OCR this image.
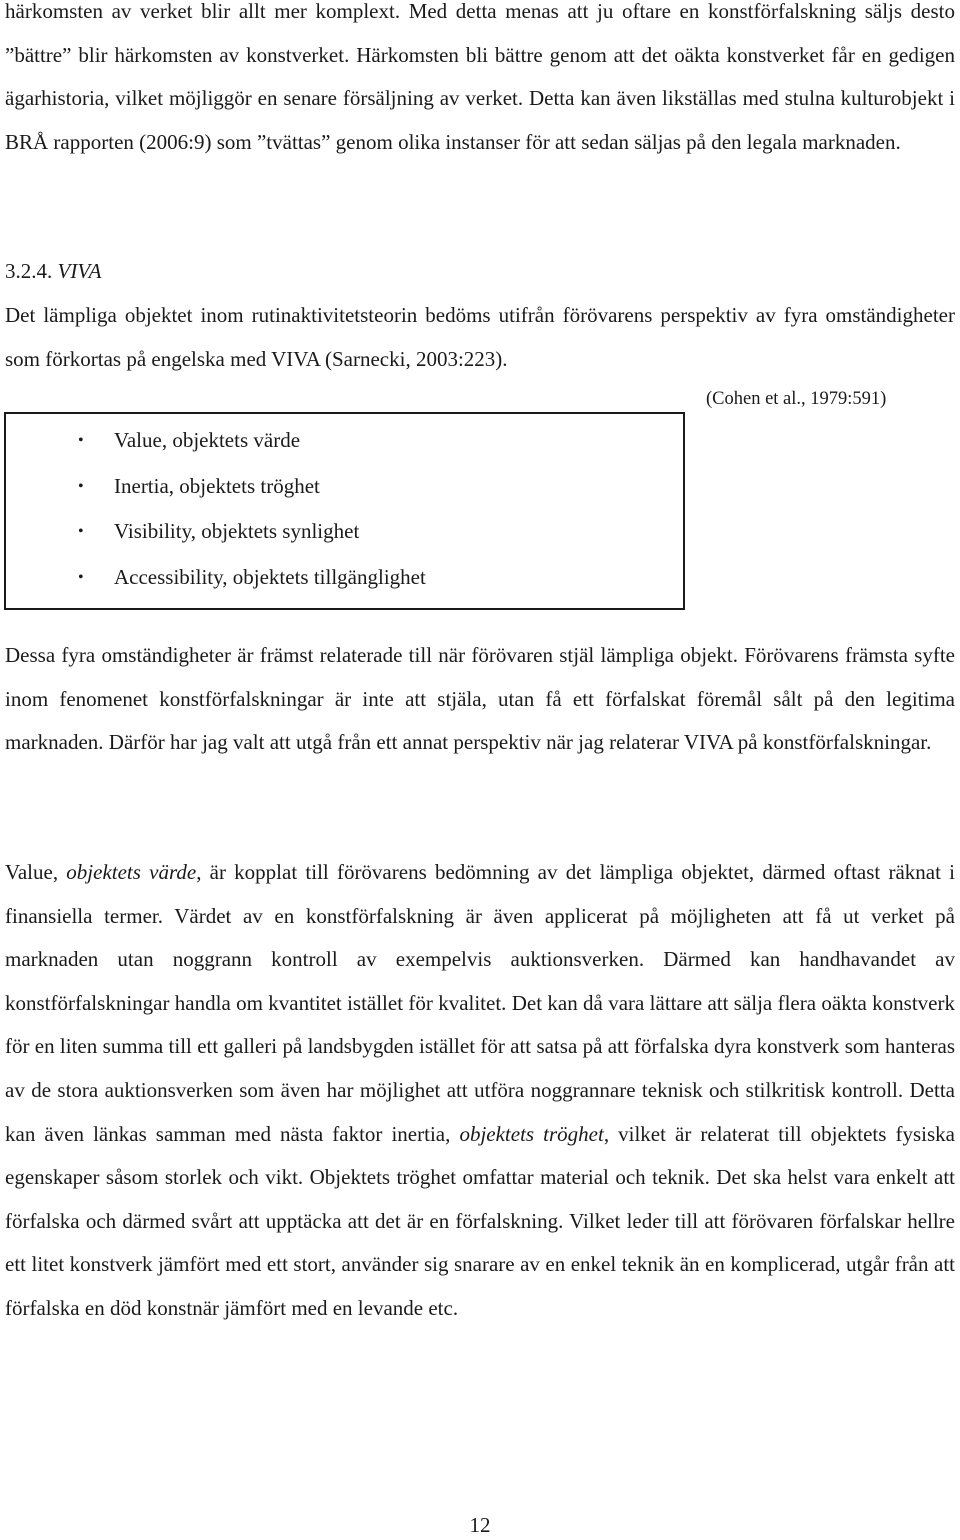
härkomsten av verket blir allt mer komplext. Med detta menas att ju oftare en konstförfalskning säljs desto ”bättre” blir härkomsten av konstverket. Härkomsten bli bättre genom att det oäkta konstverket får en gedigen ägarhistoria, vilket möjliggör en senare försäljning av verket. Detta kan även likställas med stulna kulturobjekt i BRÅ rapporten (2006:9) som ”tvättas” genom olika instanser för att sedan säljas på den legala marknaden.

3.2.4. VIVA

Det lämpliga objektet inom rutinaktivitetsteorin bedöms utifrån förövarens perspektiv av fyra omständigheter som förkortas på engelska med VIVA (Sarnecki, 2003:223).

(Cohen et al., 1979:591)
• Value, objektets värde
• Inertia, objektets tröghet
• Visibility, objektets synlighet
• Accessibility, objektets tillgänglighet

Dessa fyra omständigheter är främst relaterade till när förövaren stjäl lämpliga objekt. Förövarens främsta syfte inom fenomenet konstförfalskningar är inte att stjäla, utan få ett förfalskat föremål sålt på den legitima marknaden. Därför har jag valt att utgå från ett annat perspektiv när jag relaterar VIVA på konstförfalskningar.

Value, objektets värde, är kopplat till förövarens bedömning av det lämpliga objektet, därmed oftast räknat i finansiella termer. Värdet av en konstförfalskning är även applicerat på möjligheten att få ut verket på marknaden utan noggrann kontroll av exempelvis auktionsverken. Därmed kan handhavandet av konstförfalskningar handla om kvantitet istället för kvalitet. Det kan då vara lättare att sälja flera oäkta konstverk för en liten summa till ett galleri på landsbygden istället för att satsa på att förfalska dyra konstverk som hanteras av de stora auktionsverken som även har möjlighet att utföra noggrannare teknisk och stilkritisk kontroll. Detta kan även länkas samman med nästa faktor inertia, objektets tröghet, vilket är relaterat till objektets fysiska egenskaper såsom storlek och vikt. Objektets tröghet omfattar material och teknik. Det ska helst vara enkelt att förfalska och därmed svårt att upptäcka att det är en förfalskning. Vilket leder till att förövaren förfalskar hellre ett litet konstverk jämfört med ett stort, använder sig snarare av en enkel teknik än en komplicerad, utgår från att förfalska en död konstnär jämfört med en levande etc.

12
